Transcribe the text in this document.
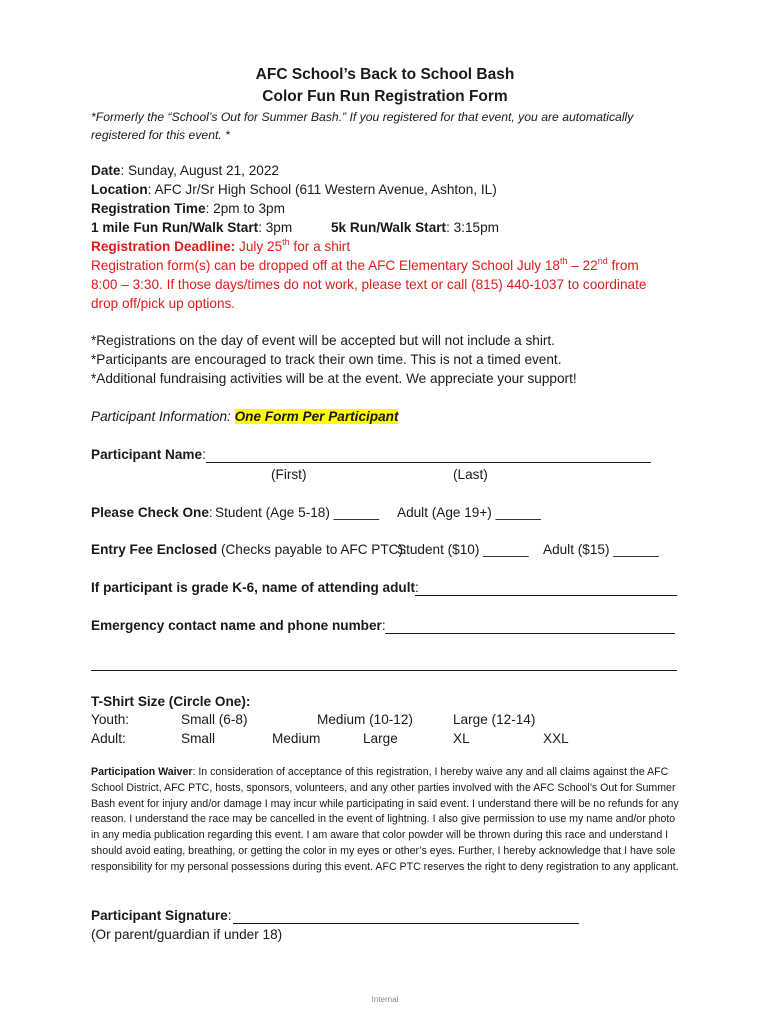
AFC School’s Back to School Bash
Color Fun Run Registration Form
*Formerly the “School’s Out for Summer Bash.” If you registered for that event, you are automatically
registered for this event. *
Date: Sunday, August 21, 2022
Location: AFC Jr/Sr High School (611 Western Avenue, Ashton, IL)
Registration Time: 2pm to 3pm
1 mile Fun Run/Walk Start: 3pm	5k Run/Walk Start: 3:15pm
Registration Deadline: July 25th for a shirt
Registration form(s) can be dropped off at the AFC Elementary School July 18th – 22nd from
8:00 – 3:30. If those days/times do not work, please text or call (815) 440-1037 to coordinate
drop off/pick up options.
*Registrations on the day of event will be accepted but will not include a shirt.
*Participants are encouraged to track their own time. This is not a timed event.
*Additional fundraising activities will be at the event. We appreciate your support!
Participant Information: One Form Per Participant
Participant Name:
(First)	(Last)
Please Check One: Student (Age 5-18) ______ Adult (Age 19+) ______
Entry Fee Enclosed (Checks payable to AFC PTC):
Student ($10) ______ Adult ($15) ______
If participant is grade K-6, name of attending adult:
Emergency contact name and phone number:
T-Shirt Size (Circle One):
Youth:	Small (6-8)	Medium (10-12)	Large (12-14)
Adult:	Small	Medium	Large	XL	XXL
Participation Waiver: In consideration of acceptance of this registration, I hereby waive any and all claims against the AFC School District, AFC PTC, hosts, sponsors, volunteers, and any other parties involved with the AFC School’s Out for Summer Bash event for injury and/or damage I may incur while participating in said event. I understand there will be no refunds for any reason. I understand the race may be cancelled in the event of lightning. I also give permission to use my name and/or photo in any media publication regarding this event. I am aware that color powder will be thrown during this race and understand I should avoid eating, breathing, or getting the color in my eyes or other’s eyes. Further, I hereby acknowledge that I have sole responsibility for my personal possessions during this event. AFC PTC reserves the right to deny registration to any applicant.
Participant Signature:
(Or parent/guardian if under 18)
Internal
